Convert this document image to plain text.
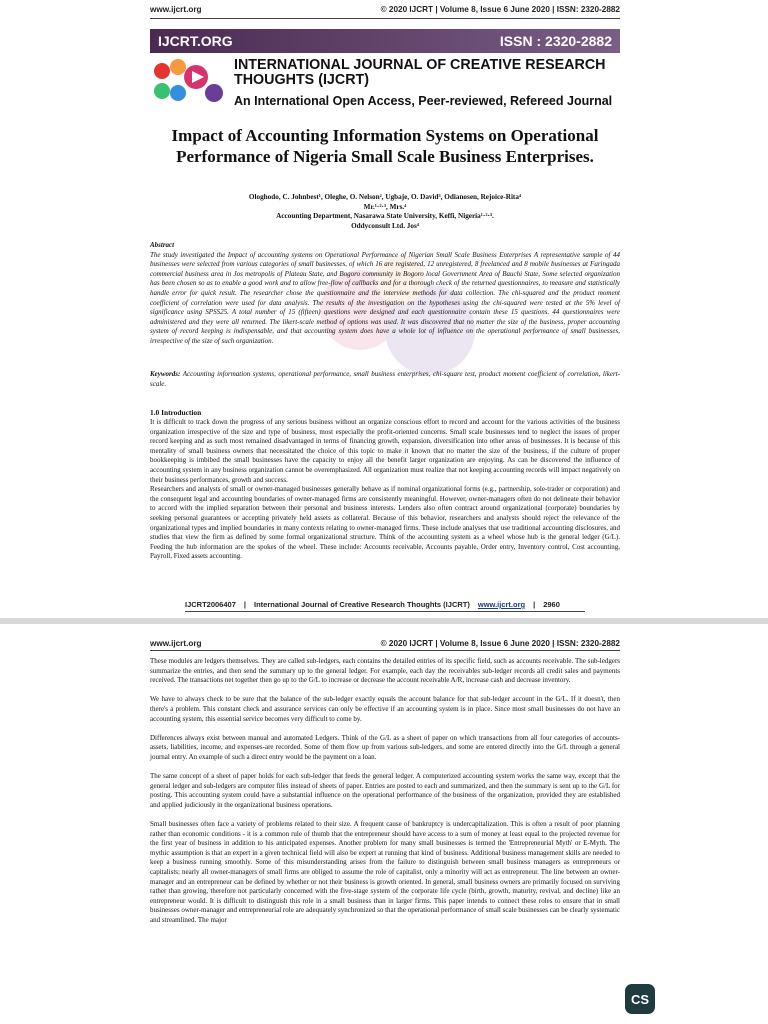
www.ijcrt.org	© 2020 IJCRT | Volume 8, Issue 6 June 2020 | ISSN: 2320-2882
IJCRT.ORG	ISSN : 2320-2882
INTERNATIONAL JOURNAL OF CREATIVE RESEARCH THOUGHTS (IJCRT)
An International Open Access, Peer-reviewed, Refereed Journal
Impact of Accounting Information Systems on Operational Performance of Nigeria Small Scale Business Enterprises.
Ologhodo, C. Johnbest¹, Oleghe, O. Nelson², Ugbaje, O. David³, Odianosen, Rejoice-Rita⁴
Mr.¹·²·³, Mrs.⁴
Accounting Department, Nasarawa State University, Keffi, Nigeria¹·²·³.
Oddyconsult Ltd. Jos⁴
Abstract
The study investigated the Impact of accounting systems on Operational Performance of Nigerian Small Scale Business Enterprises A representative sample of 44 businesses were selected from various categories of small businesses, of which 16 are registered, 12 unregistered, 8 freelanced and 8 mobile businesses at Faringada commercial business area in Jos metropolis of Plateau State, and Bogoro community in Bogoro local Government Area of Bauchi State, Some selected organization has been chosen so as to enable a good work and to allow free-flow of callbacks and for a thorough check of the returned questionnaires, to measure and statistically handle error for quick result. The researcher chose the questionnaire and the interview methods for data collection. The chi-squared and the product moment coefficient of correlation were used for data analysis. The results of the investigation on the hypotheses using the chi-squared were tested at the 5% level of significance using SPSS25. A total number of 15 (fifteen) questions were designed and each questionnaire contain these 15 questions. 44 questionnaires were administered and they were all returned. The likert-scale method of options was used. It was discovered that no matter the size of the business, proper accounting system of record keeping is indispensable, and that accounting system does have a whole lot of influence on the operational performance of small businesses, irrespective of the size of such organization.
Keywords: Accounting information systems, operational performance, small business enterprises, chi-square test, product moment coefficient of correlation, likert-scale.
1.0 Introduction

It is difficult to track down the progress of any serious business without an organize conscious effort to record and account for the various activities of the business organization irrespective of the size and type of business, most especially the profit-oriented concerns. Small scale businesses tend to neglect the issues of proper record keeping and as such most remained disadvantaged in terms of financing growth, expansion, diversification into other areas of businesses. It is because of this mentality of small business owners that necessitated the choice of this topic to make it known that no matter the size of the business, if the culture of proper bookkeeping is imbibed the small businesses have the capacity to enjoy all the benefit larger organization are enjoying. As can be discovered the influence of accounting system in any business organization cannot be overemphasized. All organization must realize that not keeping accounting records will impact negatively on their business performances, growth and success.

Researchers and analysts of small or owner-managed businesses generally behave as if nominal organizational forms (e.g., partnership, sole-trader or corporation) and the consequent legal and accounting boundaries of owner-managed firms are consistently meaningful. However, owner-managers often do not delineate their behavior to accord with the implied separation between their personal and business interests. Lenders also often contract around organizational (corporate) boundaries by seeking personal guarantees or accepting privately held assets as collateral. Because of this behavior, researchers and analysts should reject the relevance of the organizational types and implied boundaries in many contexts relating to owner-managed firms. These include analyses that use traditional accounting disclosures, and studies that view the firm as defined by some formal organizational structure. Think of the accounting system as a wheel whose hub is the general ledger (G/L). Feeding the hub information are the spokes of the wheel. These include: Accounts receivable, Accounts payable, Order entry, Inventory control, Cost accounting, Payroll, Fixed assets accounting.

IJCRT2006407 | International Journal of Creative Research Thoughts (IJCRT) www.ijcrt.org | 2960
www.ijcrt.org	© 2020 IJCRT | Volume 8, Issue 6 June 2020 | ISSN: 2320-2882

These modules are ledgers themselves. They are called sub-ledgers, each contains the detailed entries of its specific field, such as accounts receivable. The sub-ledgers summarize the entries, and then send the summary up to the general ledger. For example, each day the receivables sub-ledger records all credit sales and payments received. The transactions net together then go up to the G/L to increase or decrease the account receivable A/R, increase cash and decrease inventory.

We have to always check to be sure that the balance of the sub-ledger exactly equals the account balance for that sub-ledger account in the G/L. If it doesn't, then there's a problem. This constant check and assurance services can only be effective if an accounting system is in place. Since most small businesses do not have an accounting system, this essential service becomes very difficult to come by.

Differences always exist between manual and automated Ledgers. Think of the G/L as a sheet of paper on which transactions from all four categories of accounts-assets, liabilities, income, and expenses-are recorded. Some of them flow up from various sub-ledgers, and some are entered directly into the G/L through a general journal entry. An example of such a direct entry would be the payment on a loan.

The same concept of a sheet of paper holds for each sub-ledger that feeds the general ledger. A computerized accounting system works the same way, except that the general ledger and sub-ledgers are computer files instead of sheets of paper. Entries are posted to each and summarized, and then the summary is sent up to the G/L for posting. This accounting system could have a substantial influence on the operational performance of the business of the organization, provided they are established and applied judiciously in the organizational business operations.

Small businesses often face a variety of problems related to their size. A frequent cause of bankruptcy is undercapitalization. This is often a result of poor planning rather than economic conditions - it is a common rule of thumb that the entrepreneur should have access to a sum of money at least equal to the projected revenue for the first year of business in addition to his anticipated expenses. Another problem for many small businesses is termed the 'Entrepreneurial Myth' or E-Myth. The mythic assumption is that an expert in a given technical field will also be expert at running that kind of business. Additional business management skills are needed to keep a business running smoothly. Some of this misunderstanding arises from the failure to distinguish between small business managers as entrepreneurs or capitalists; nearly all owner-managers of small firms are obliged to assume the role of capitalist, only a minority will act as entrepreneur. The line between an owner-manager and an entrepreneur can be defined by whether or not their business is growth oriented. In general, small business owners are primarily focused on surviving rather than growing, therefore not particularly concerned with the five-stage system of the corporate life cycle (birth, growth, maturity, revival, and decline) like an entrepreneur would. It is difficult to distinguish this role in a small business than in larger firms. This paper intends to connect these roles to ensure that in small businesses owner-manager and entrepreneurial role are adequately synchronized so that the operational performance of small scale businesses can be clearly systematic and streamlined. The major

CS
